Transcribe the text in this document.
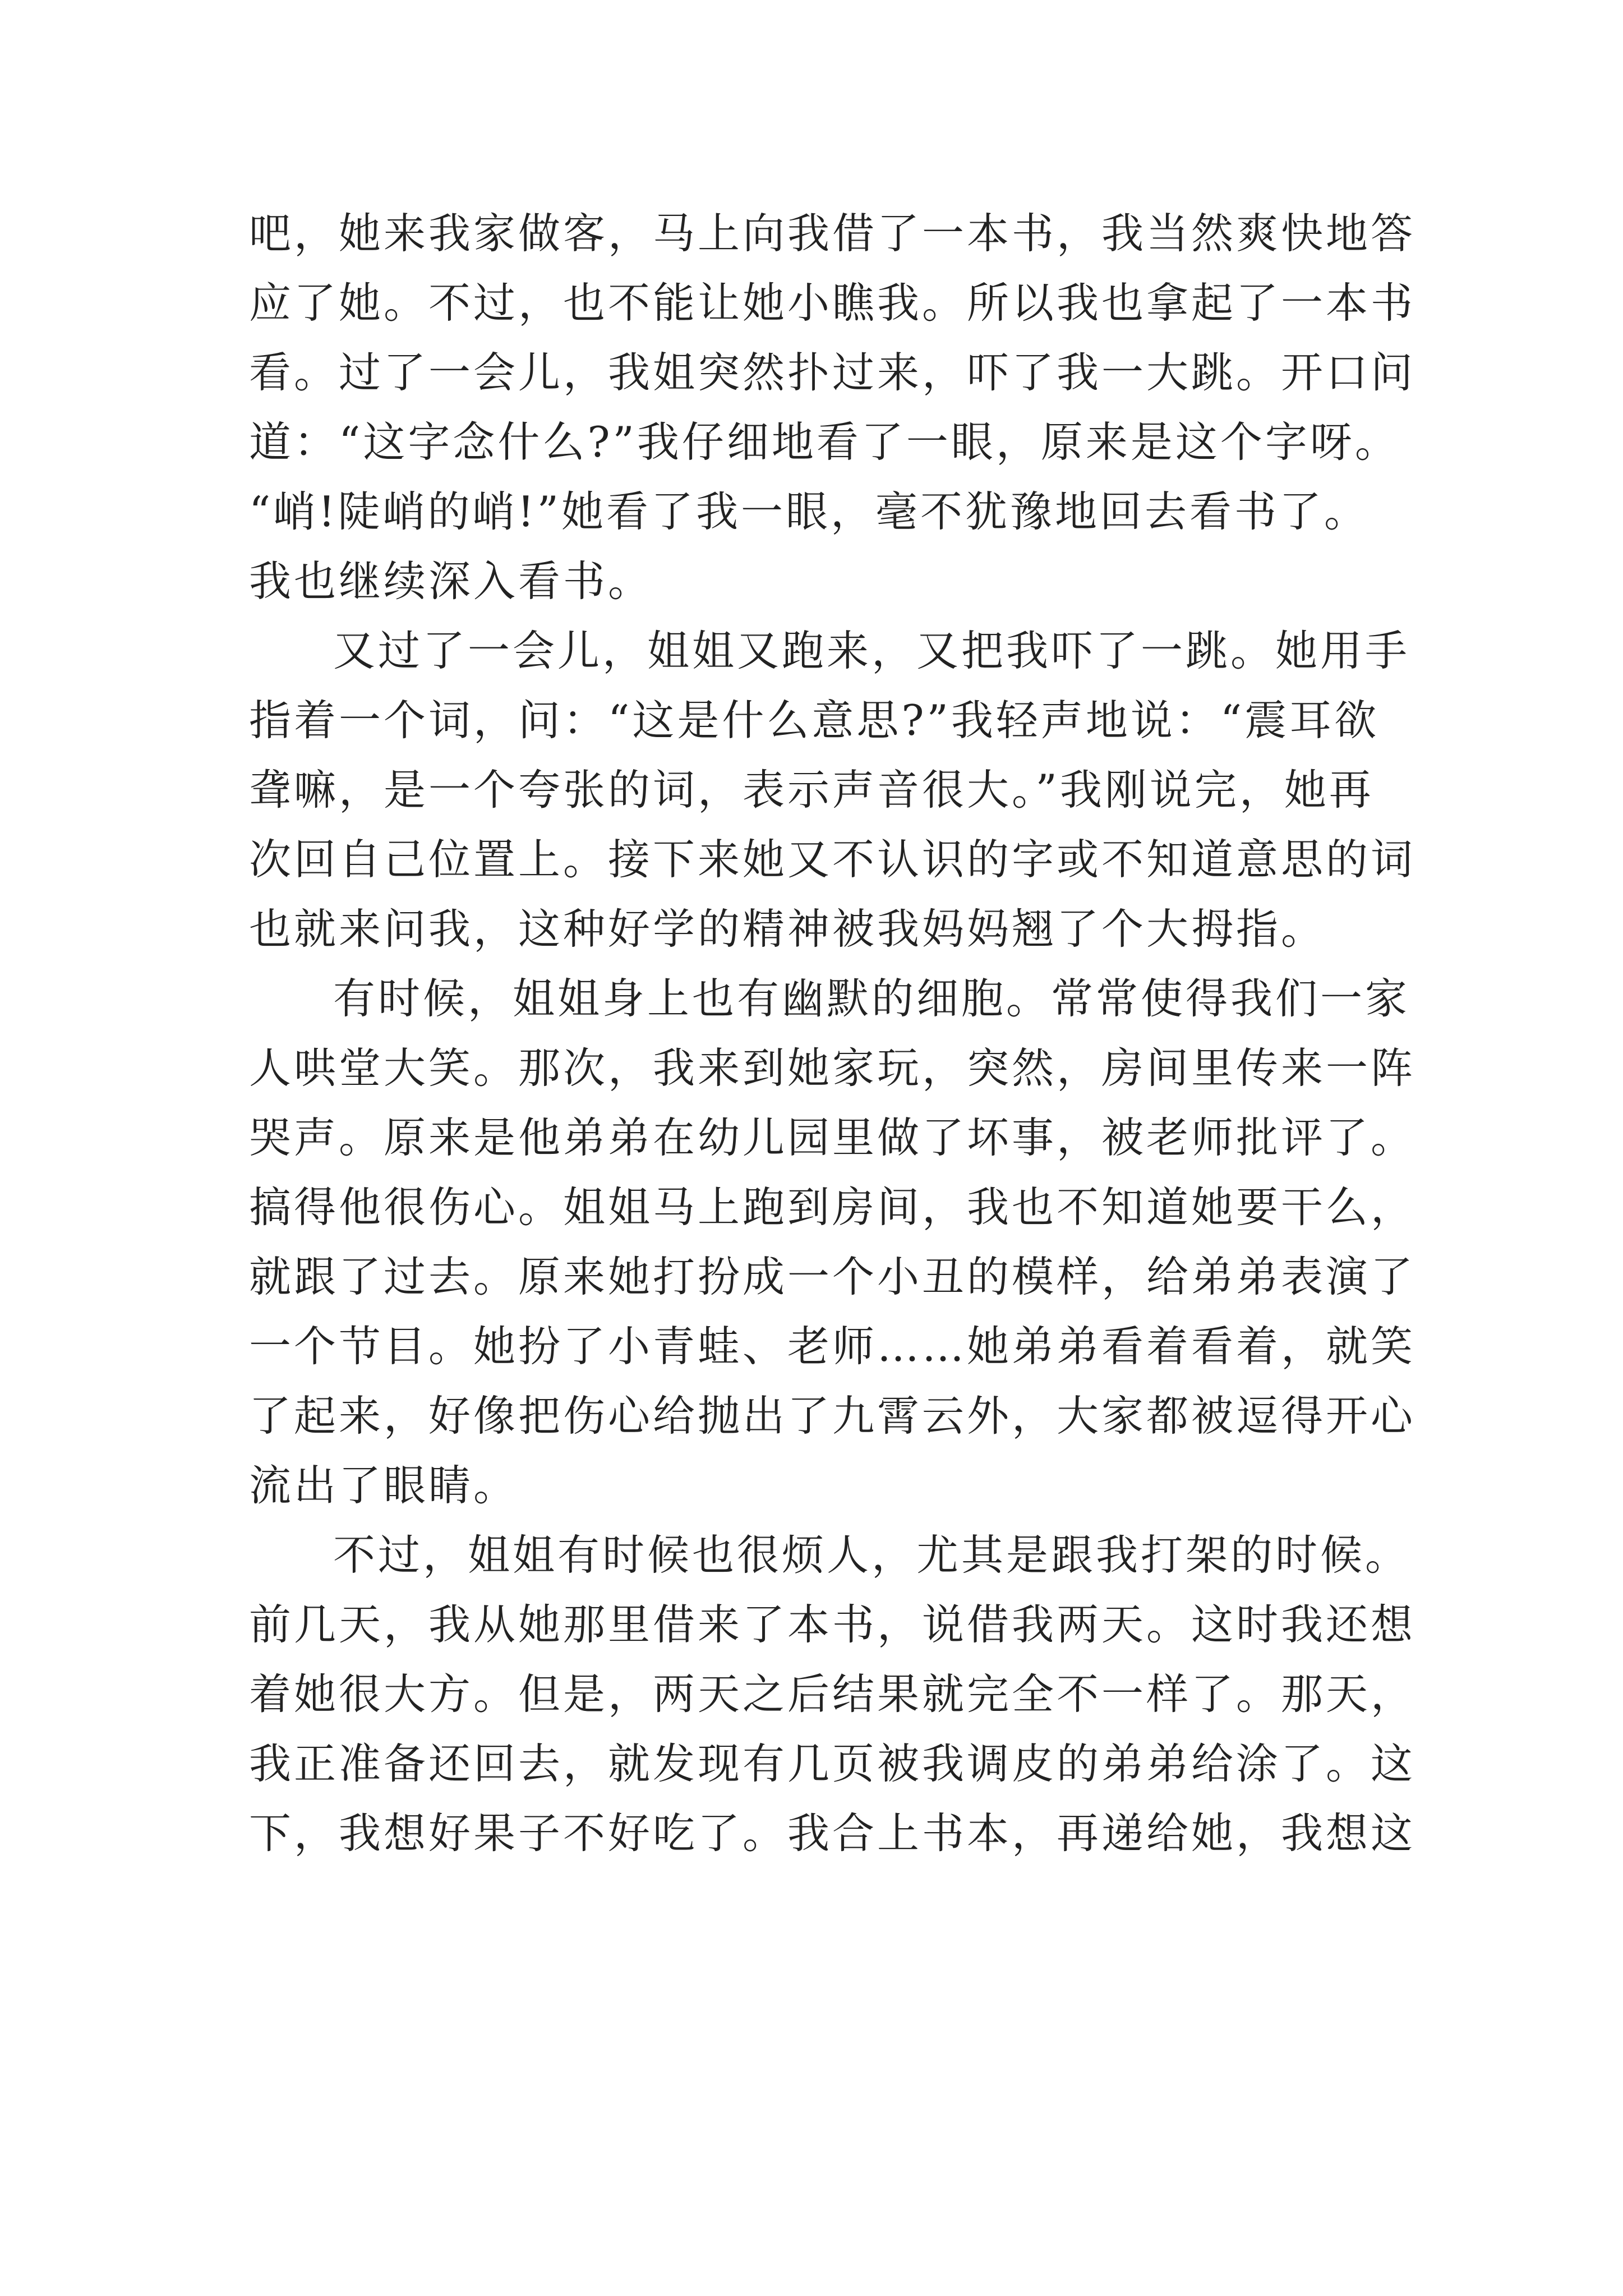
吧，她来我家做客，马上向我借了一本书，我当然爽快地答
应了她。不过，也不能让她小瞧我。所以我也拿起了一本书
看。过了一会儿，我姐突然扑过来，吓了我一大跳。开口问
道：“这字念什么?”我仔细地看了一眼，原来是这个字呀。
“峭!陡峭的峭!”她看了我一眼，毫不犹豫地回去看书了。
我也继续深入看书。
又过了一会儿，姐姐又跑来，又把我吓了一跳。她用手
指着一个词，问：“这是什么意思?”我轻声地说：“震耳欲
聋嘛，是一个夸张的词，表示声音很大。”我刚说完，她再
次回自己位置上。接下来她又不认识的字或不知道意思的词
也就来问我，这种好学的精神被我妈妈翘了个大拇指。
有时候，姐姐身上也有幽默的细胞。常常使得我们一家
人哄堂大笑。那次，我来到她家玩，突然，房间里传来一阵
哭声。原来是他弟弟在幼儿园里做了坏事，被老师批评了。
搞得他很伤心。姐姐马上跑到房间，我也不知道她要干么，
就跟了过去。原来她打扮成一个小丑的模样，给弟弟表演了
一个节目。她扮了小青蛙、老师……她弟弟看着看着，就笑
了起来，好像把伤心给抛出了九霄云外，大家都被逗得开心
流出了眼睛。
不过，姐姐有时候也很烦人，尤其是跟我打架的时候。
前几天，我从她那里借来了本书，说借我两天。这时我还想
着她很大方。但是，两天之后结果就完全不一样了。那天，
我正准备还回去，就发现有几页被我调皮的弟弟给涂了。这
下，我想好果子不好吃了。我合上书本，再递给她，我想这
